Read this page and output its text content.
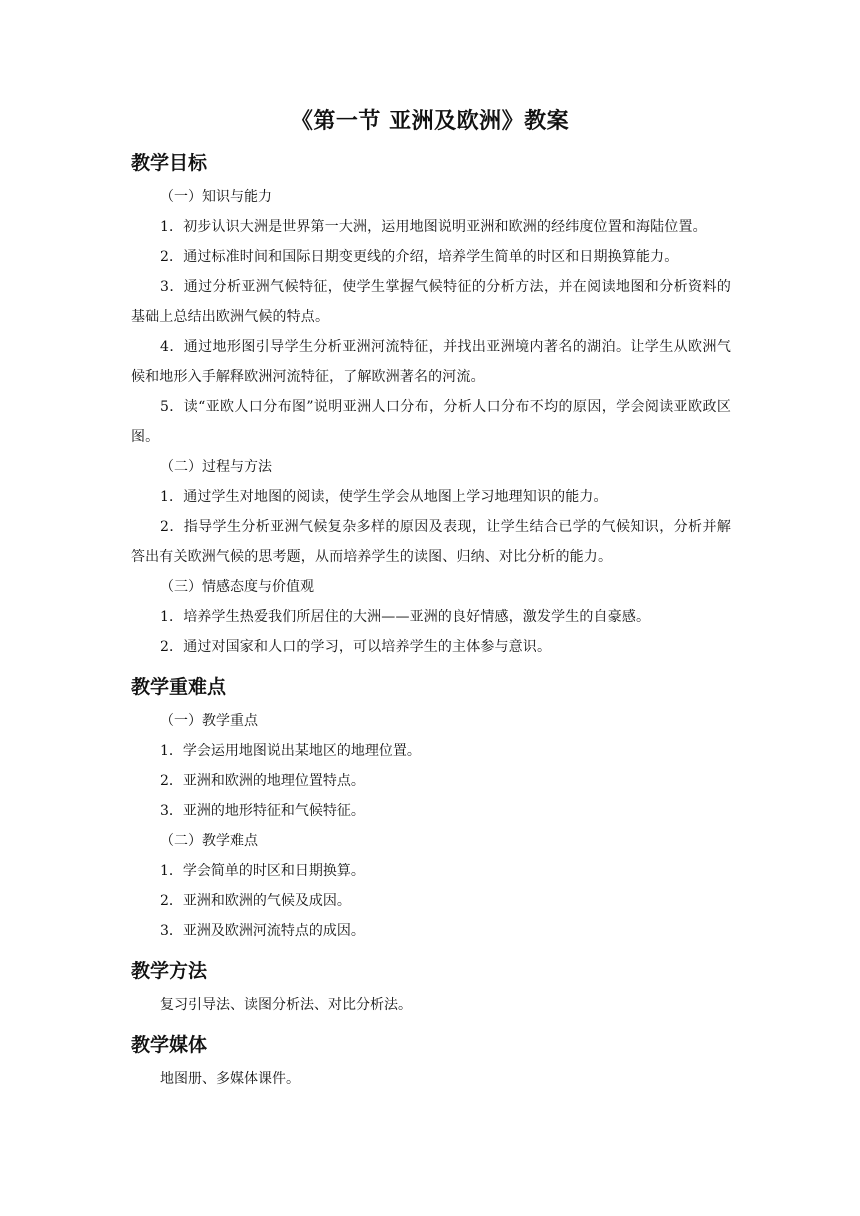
《第一节 亚洲及欧洲》教案
教学目标
（一）知识与能力
1．初步认识大洲是世界第一大洲，运用地图说明亚洲和欧洲的经纬度位置和海陆位置。
2．通过标准时间和国际日期变更线的介绍，培养学生简单的时区和日期换算能力。
3．通过分析亚洲气候特征，使学生掌握气候特征的分析方法，并在阅读地图和分析资料的基础上总结出欧洲气候的特点。
4．通过地形图引导学生分析亚洲河流特征，并找出亚洲境内著名的湖泊。让学生从欧洲气候和地形入手解释欧洲河流特征，了解欧洲著名的河流。
5．读“亚欧人口分布图”说明亚洲人口分布，分析人口分布不均的原因，学会阅读亚欧政区图。
（二）过程与方法
1．通过学生对地图的阅读，使学生学会从地图上学习地理知识的能力。
2．指导学生分析亚洲气候复杂多样的原因及表现，让学生结合已学的气候知识，分析并解答出有关欧洲气候的思考题，从而培养学生的读图、归纳、对比分析的能力。
（三）情感态度与价值观
1．培养学生热爱我们所居住的大洲——亚洲的良好情感，激发学生的自豪感。
2．通过对国家和人口的学习，可以培养学生的主体参与意识。
教学重难点
（一）教学重点
1．学会运用地图说出某地区的地理位置。
2．亚洲和欧洲的地理位置特点。
3．亚洲的地形特征和气候特征。
（二）教学难点
1．学会简单的时区和日期换算。
2．亚洲和欧洲的气候及成因。
3．亚洲及欧洲河流特点的成因。
教学方法
复习引导法、读图分析法、对比分析法。
教学媒体
地图册、多媒体课件。
